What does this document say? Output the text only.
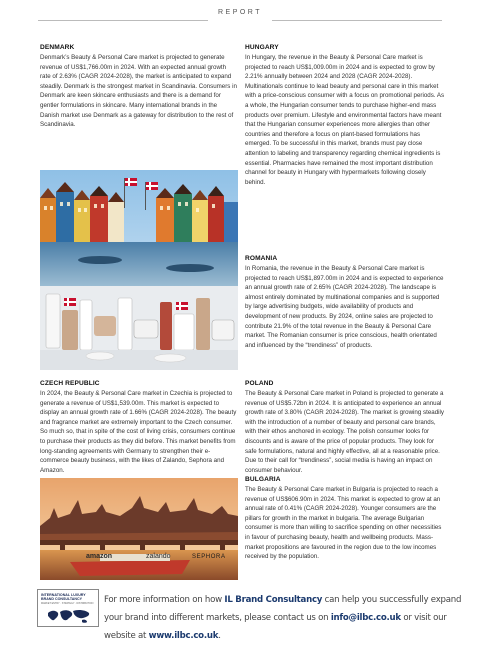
REPORT
DENMARK
Denmark’s Beauty & Personal Care market is projected to generate revenue of US$1,766.00m in 2024. With an expected annual growth rate of 2.63% (CAGR 2024-2028), the market is anticipated to expand steadily. Denmark is the strongest market in Scandinavia. Consumers in Denmark are keen skincare enthusiasts and there is a demand for gentler formulations in skincare. Many international brands in the Danish market use Denmark as a gateway for distribution to the rest of Scandinavia.
CZECH REPUBLIC
In 2024, the Beauty & Personal Care market in Czechia is projected to generate a revenue of US$1,539.00m. This market is expected to display an annual growth rate of 1.66% (CAGR 2024-2028). The beauty and fragrance market are extremely important to the Czech consumer. So much so, that in spite of the cost of living crisis, consumers continue to purchase their products as they did before. This market benefits from long-standing agreements with Germany to strengthen their e-commerce beauty business, with the likes of Zalando, Sephora and Amazon.
amazon	zalando	SEPHORA
HUNGARY
In Hungary, the revenue in the Beauty & Personal Care market is projected to reach US$1,009.00m in 2024 and is expected to grow by 2.21% annually between 2024 and 2028 (CAGR 2024-2028). Multinationals continue to lead beauty and personal care in this market with a price-conscious consumer with a focus on promotional periods. As a whole, the Hungarian consumer tends to purchase higher-end mass products over premium. Lifestyle and environmental factors have meant that the Hungarian consumer experiences more allergies than other countries and therefore a focus on plant-based formulations has emerged. To be successful in this market, brands must pay close attention to labeling and transparency regarding chemical ingredients is essential. Pharmacies have remained the most important distribution channel for beauty in Hungary with hypermarkets following closely behind.
ROMANIA
In Romania, the revenue in the Beauty & Personal Care market is projected to reach US$1,897.00m in 2024 and is expected to experience an annual growth rate of 2.65% (CAGR 2024-2028). The landscape is almost entirely dominated by multinational companies and is supported by large advertising budgets, wide availability of products and development of new products. By 2024, online sales are projected to contribute 21.9% of the total revenue in the Beauty & Personal Care market. The Romanian consumer is price conscious, health orientated and influenced by the “trendiness” of products.
POLAND
The Beauty & Personal Care market in Poland is projected to generate a revenue of US$5.72bn in 2024. It is anticipated to experience an annual growth rate of 3.80% (CAGR 2024-2028). The market is growing steadily with the introduction of a number of beauty and personal care brands, with their ethos anchored in ecology. The polish consumer looks for discounts and is aware of the price of popular products. They look for safe formulations, natural and highly effective, all at a reasonable price. Due to their call for “trendiness”, social media is having an impact on consumer behaviour.
BULGARIA
The Beauty & Personal Care market in Bulgaria is projected to reach a revenue of US$606.90m in 2024. This market is expected to grow at an annual rate of 0.41% (CAGR 2024-2028). Younger consumers are the pillars for growth in the market in bulgaria. The average Bulgarian consumer is more than willing to sacrifice spending on other necessities in favour of purchasing beauty, health and wellbeing products. Mass-market propositions are favoured in the region due to the low incomes received by the population.
INTERNATIONAL LUXURY BRAND CONSULTANCY
MARKET ENTRY · STRATEGY · DISTRIBUTION	For more information on how IL Brand Consultancy can help you successfully expand your brand into different markets, please contact us on info@ilbc.co.uk or visit our website at www.ilbc.co.uk.
